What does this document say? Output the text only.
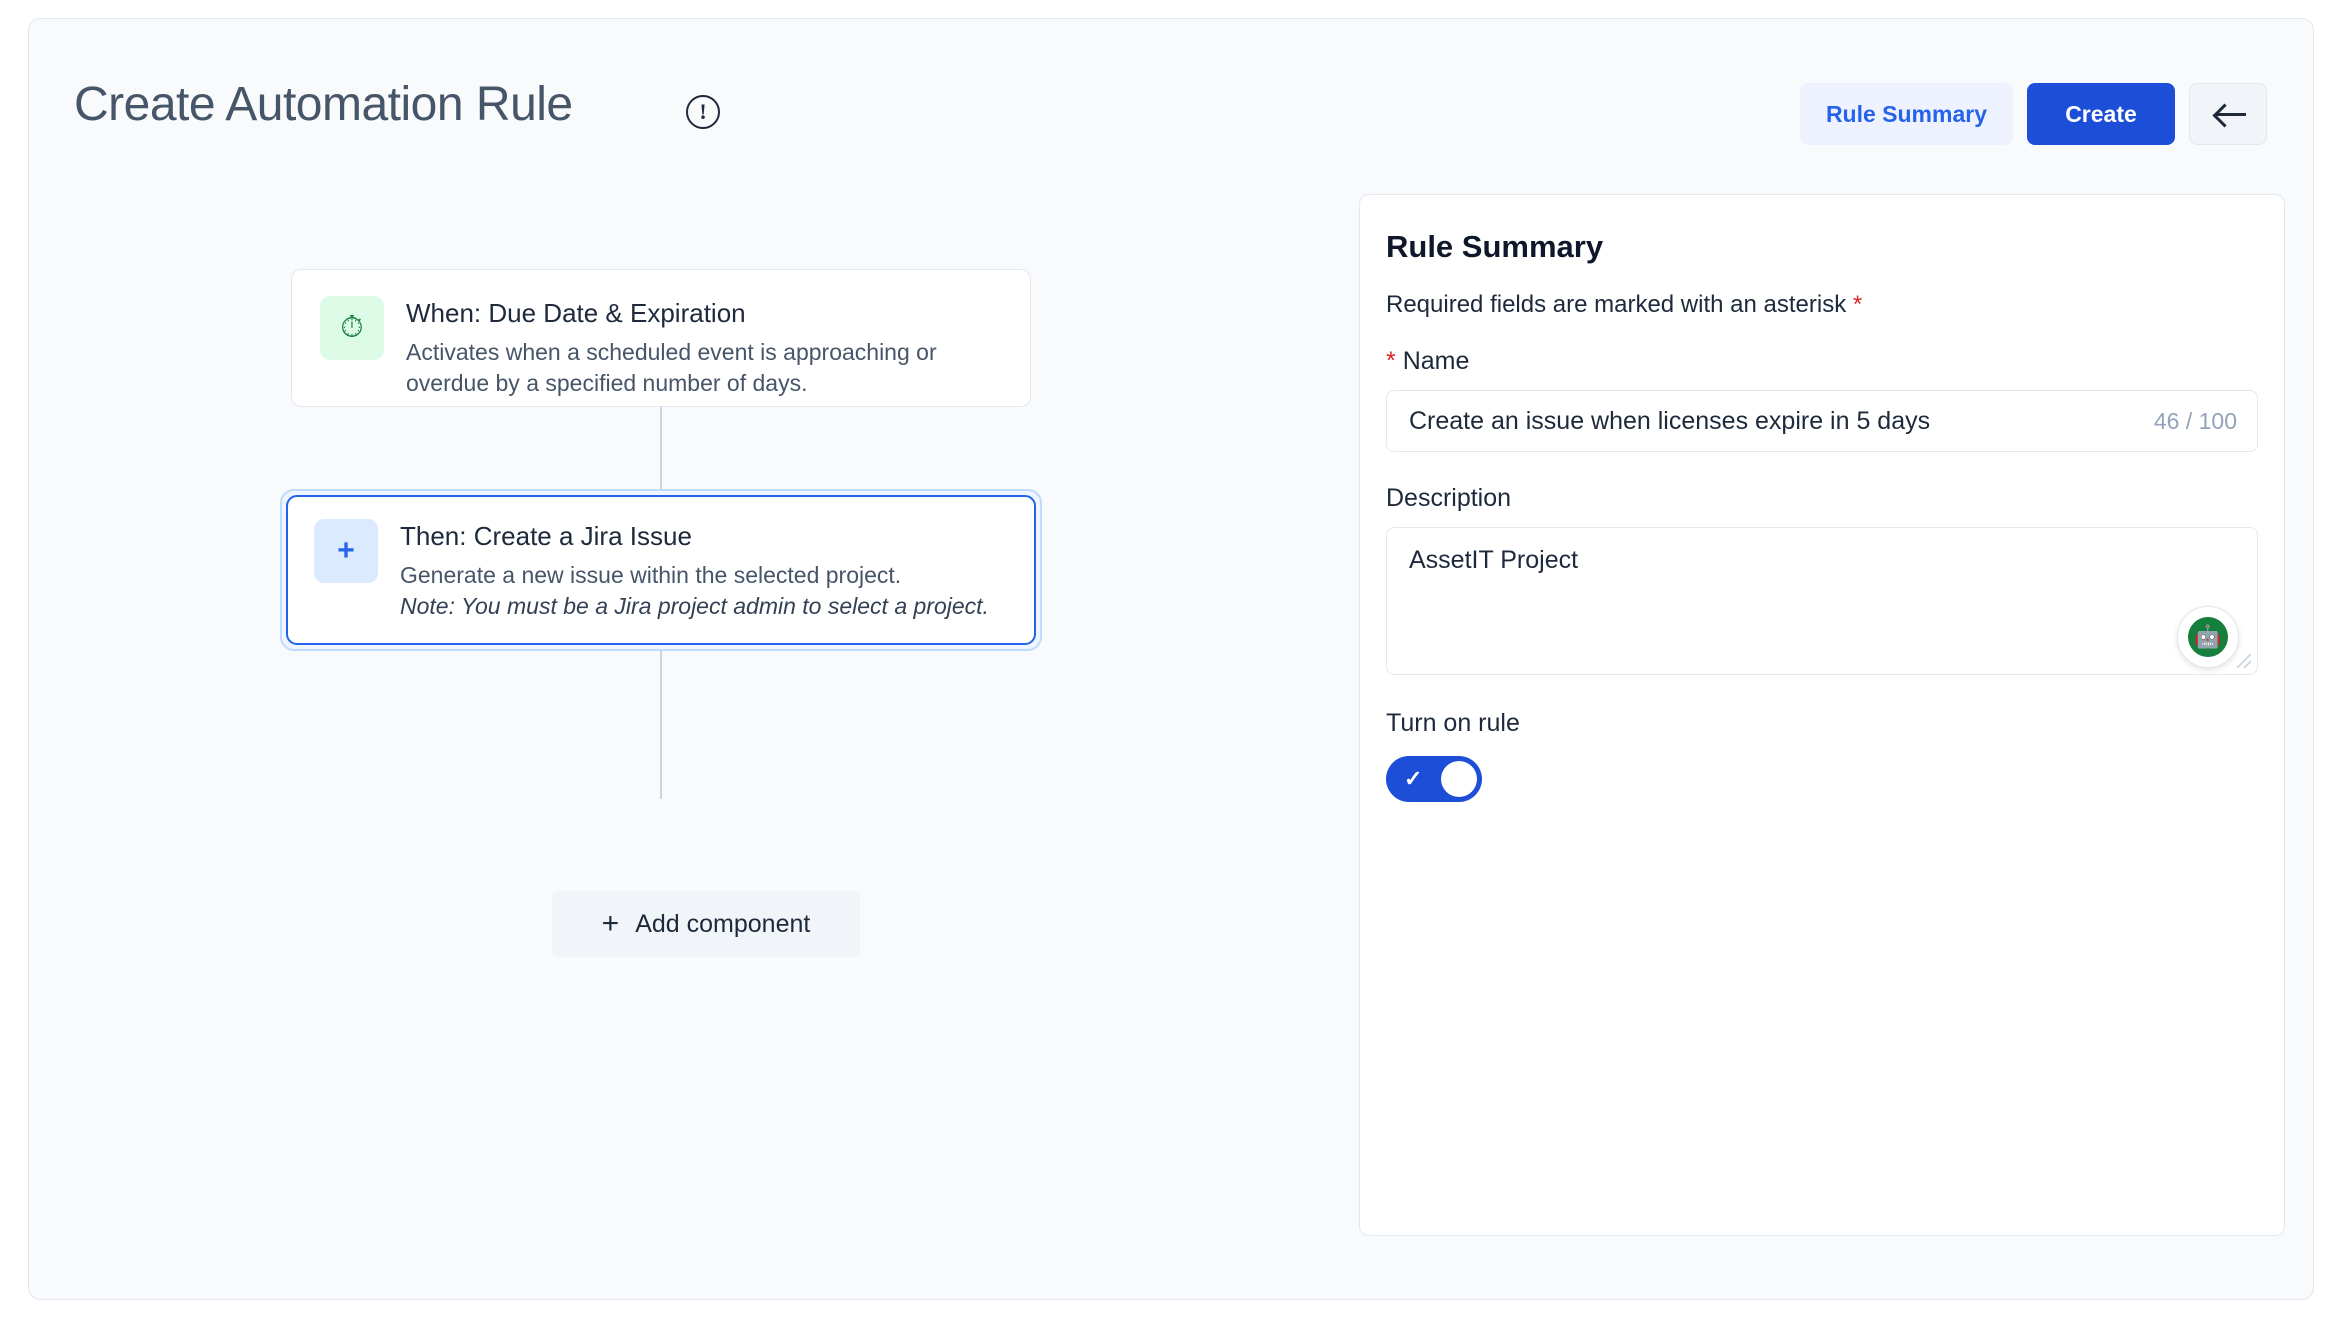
Create Automation Rule	!	Rule Summary	Create
⏱	When: Due Date & Expiration
Activates when a scheduled event is approaching or overdue by a specified number of days.
+	Then: Create a Jira Issue
Generate a new issue within the selected project.
Note: You must be a Jira project admin to select a project.
+ Add component
Rule Summary
Required fields are marked with an asterisk *
* Name
Create an issue when licenses expire in 5 days
46 / 100
Description
AssetIT Project
🤖
Turn on rule
✓
